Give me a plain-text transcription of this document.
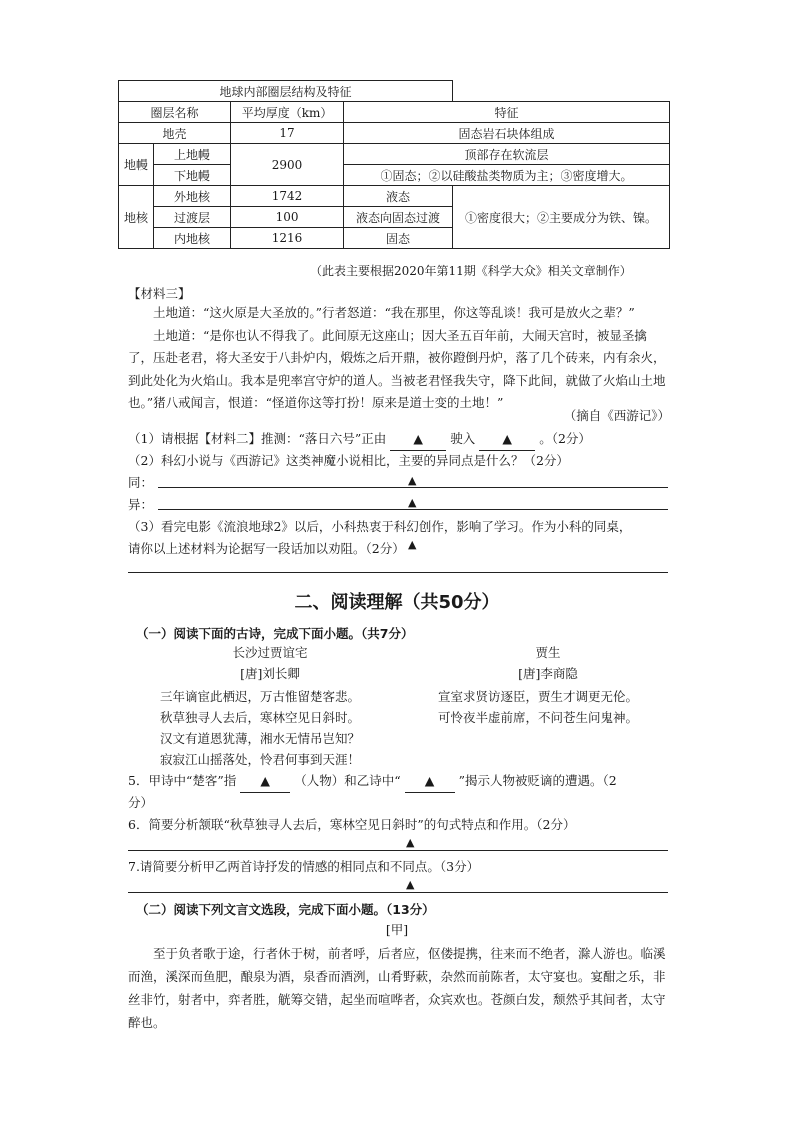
地球内部圈层结构及特征				
圈层名称		平均厚度（km）	特征	
地壳		17	固态岩石块体组成	
地幔	上地幔	2900	顶部存在软流层	
	下地幔		①固态；②以硅酸盐类物质为主；③密度增大。	
地核	外地核	1742	液态	①密度很大；②主要成分为铁、镍。
	过渡层	100	液态向固态过渡	
	内地核	1216	固态	
（此表主要根据2020年第11期《科学大众》相关文章制作）
【材料三】

土地道：“这火原是大圣放的。”行者怒道：“我在那里，你这等乱谈！我可是放火之辈？”

土地道：“是你也认不得我了。此间原无这座山；因大圣五百年前，大闹天宫时，被显圣擒了，压赴老君，将大圣安于八卦炉内，煅炼之后开鼎，被你蹬倒丹炉，落了几个砖来，内有余火，到此处化为火焰山。我本是兜率宫守炉的道人。当被老君怪我失守，降下此间，就做了火焰山土地也。”猪八戒闻言，恨道：“怪道你这等打扮！原来是道士变的土地！”

（摘自《西游记》）
（1）请根据【材料二】推测：“落日六号”正由 ▲ 驶入 ▲ 。（2分）
（2）科幻小说与《西游记》这类神魔小说相比，主要的异同点是什么？（2分）
同：	▲
异：	▲
（3）看完电影《流浪地球2》以后，小科热衷于科幻创作，影响了学习。作为小科的同桌，
请你以上述材料为论据写一段话加以劝阻。（2分） ▲
二、阅读理解（共50分）
（一）阅读下面的古诗，完成下面小题。（共7分）
长沙过贾谊宅
[唐]刘长卿
三年谪宦此栖迟，万古惟留楚客悲。
秋草独寻人去后，寒林空见日斜时。
汉文有道恩犹薄，湘水无情吊岂知？
寂寂江山摇落处，怜君何事到天涯！
贾生
[唐]李商隐
宣室求贤访逐臣，贾生才调更无伦。
可怜夜半虚前席，不问苍生问鬼神。
5．甲诗中“楚客”指 ▲ （人物）和乙诗中“ ▲ ”揭示人物被贬谪的遭遇。（2
分）
6．简要分析颔联“秋草独寻人去后，寒林空见日斜时”的句式特点和作用。（2分）
▲
7.请简要分析甲乙两首诗抒发的情感的相同点和不同点。（3分）
▲
（二）阅读下列文言文选段，完成下面小题。（13分）
[甲]

至于负者歌于途，行者休于树，前者呼，后者应，伛偻提携，往来而不绝者，滁人游也。临溪而渔，溪深而鱼肥，酿泉为酒，泉香而酒洌，山肴野蔌，杂然而前陈者，太守宴也。宴酣之乐，非丝非竹，射者中，弈者胜，觥筹交错，起坐而喧哗者，众宾欢也。苍颜白发，颓然乎其间者，太守醉也。
